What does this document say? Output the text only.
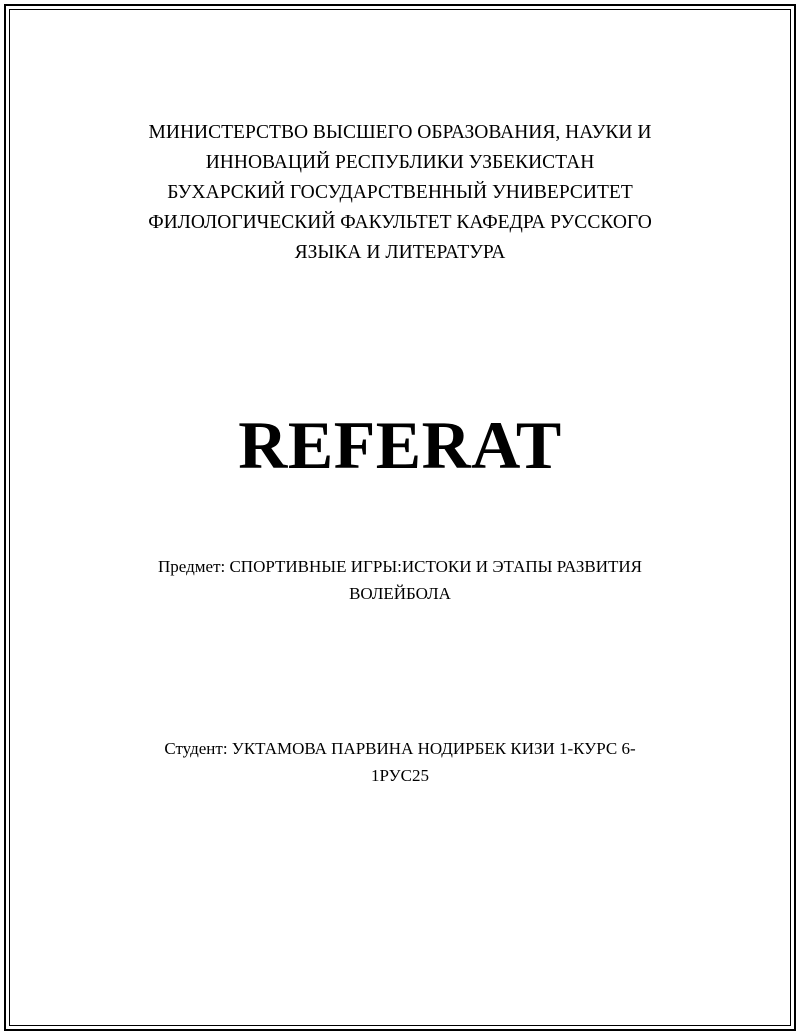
МИНИСТЕРСТВО ВЫСШЕГО ОБРАЗОВАНИЯ, НАУКИ И
ИННОВАЦИЙ РЕСПУБЛИКИ УЗБЕКИСТАН
БУХАРСКИЙ ГОСУДАРСТВЕННЫЙ УНИВЕРСИТЕТ
ФИЛОЛОГИЧЕСКИЙ ФАКУЛЬТЕТ КАФЕДРА РУССКОГО
ЯЗЫКА И ЛИТЕРАТУРА
REFERAT
Предмет: СПОРТИВНЫЕ ИГРЫ:ИСТОКИ И ЭТАПЫ РАЗВИТИЯ
ВОЛЕЙБОЛА
Студент: УКТАМОВА ПАРВИНА НОДИРБЕК КИЗИ 1-КУРС 6-
1РУС25
